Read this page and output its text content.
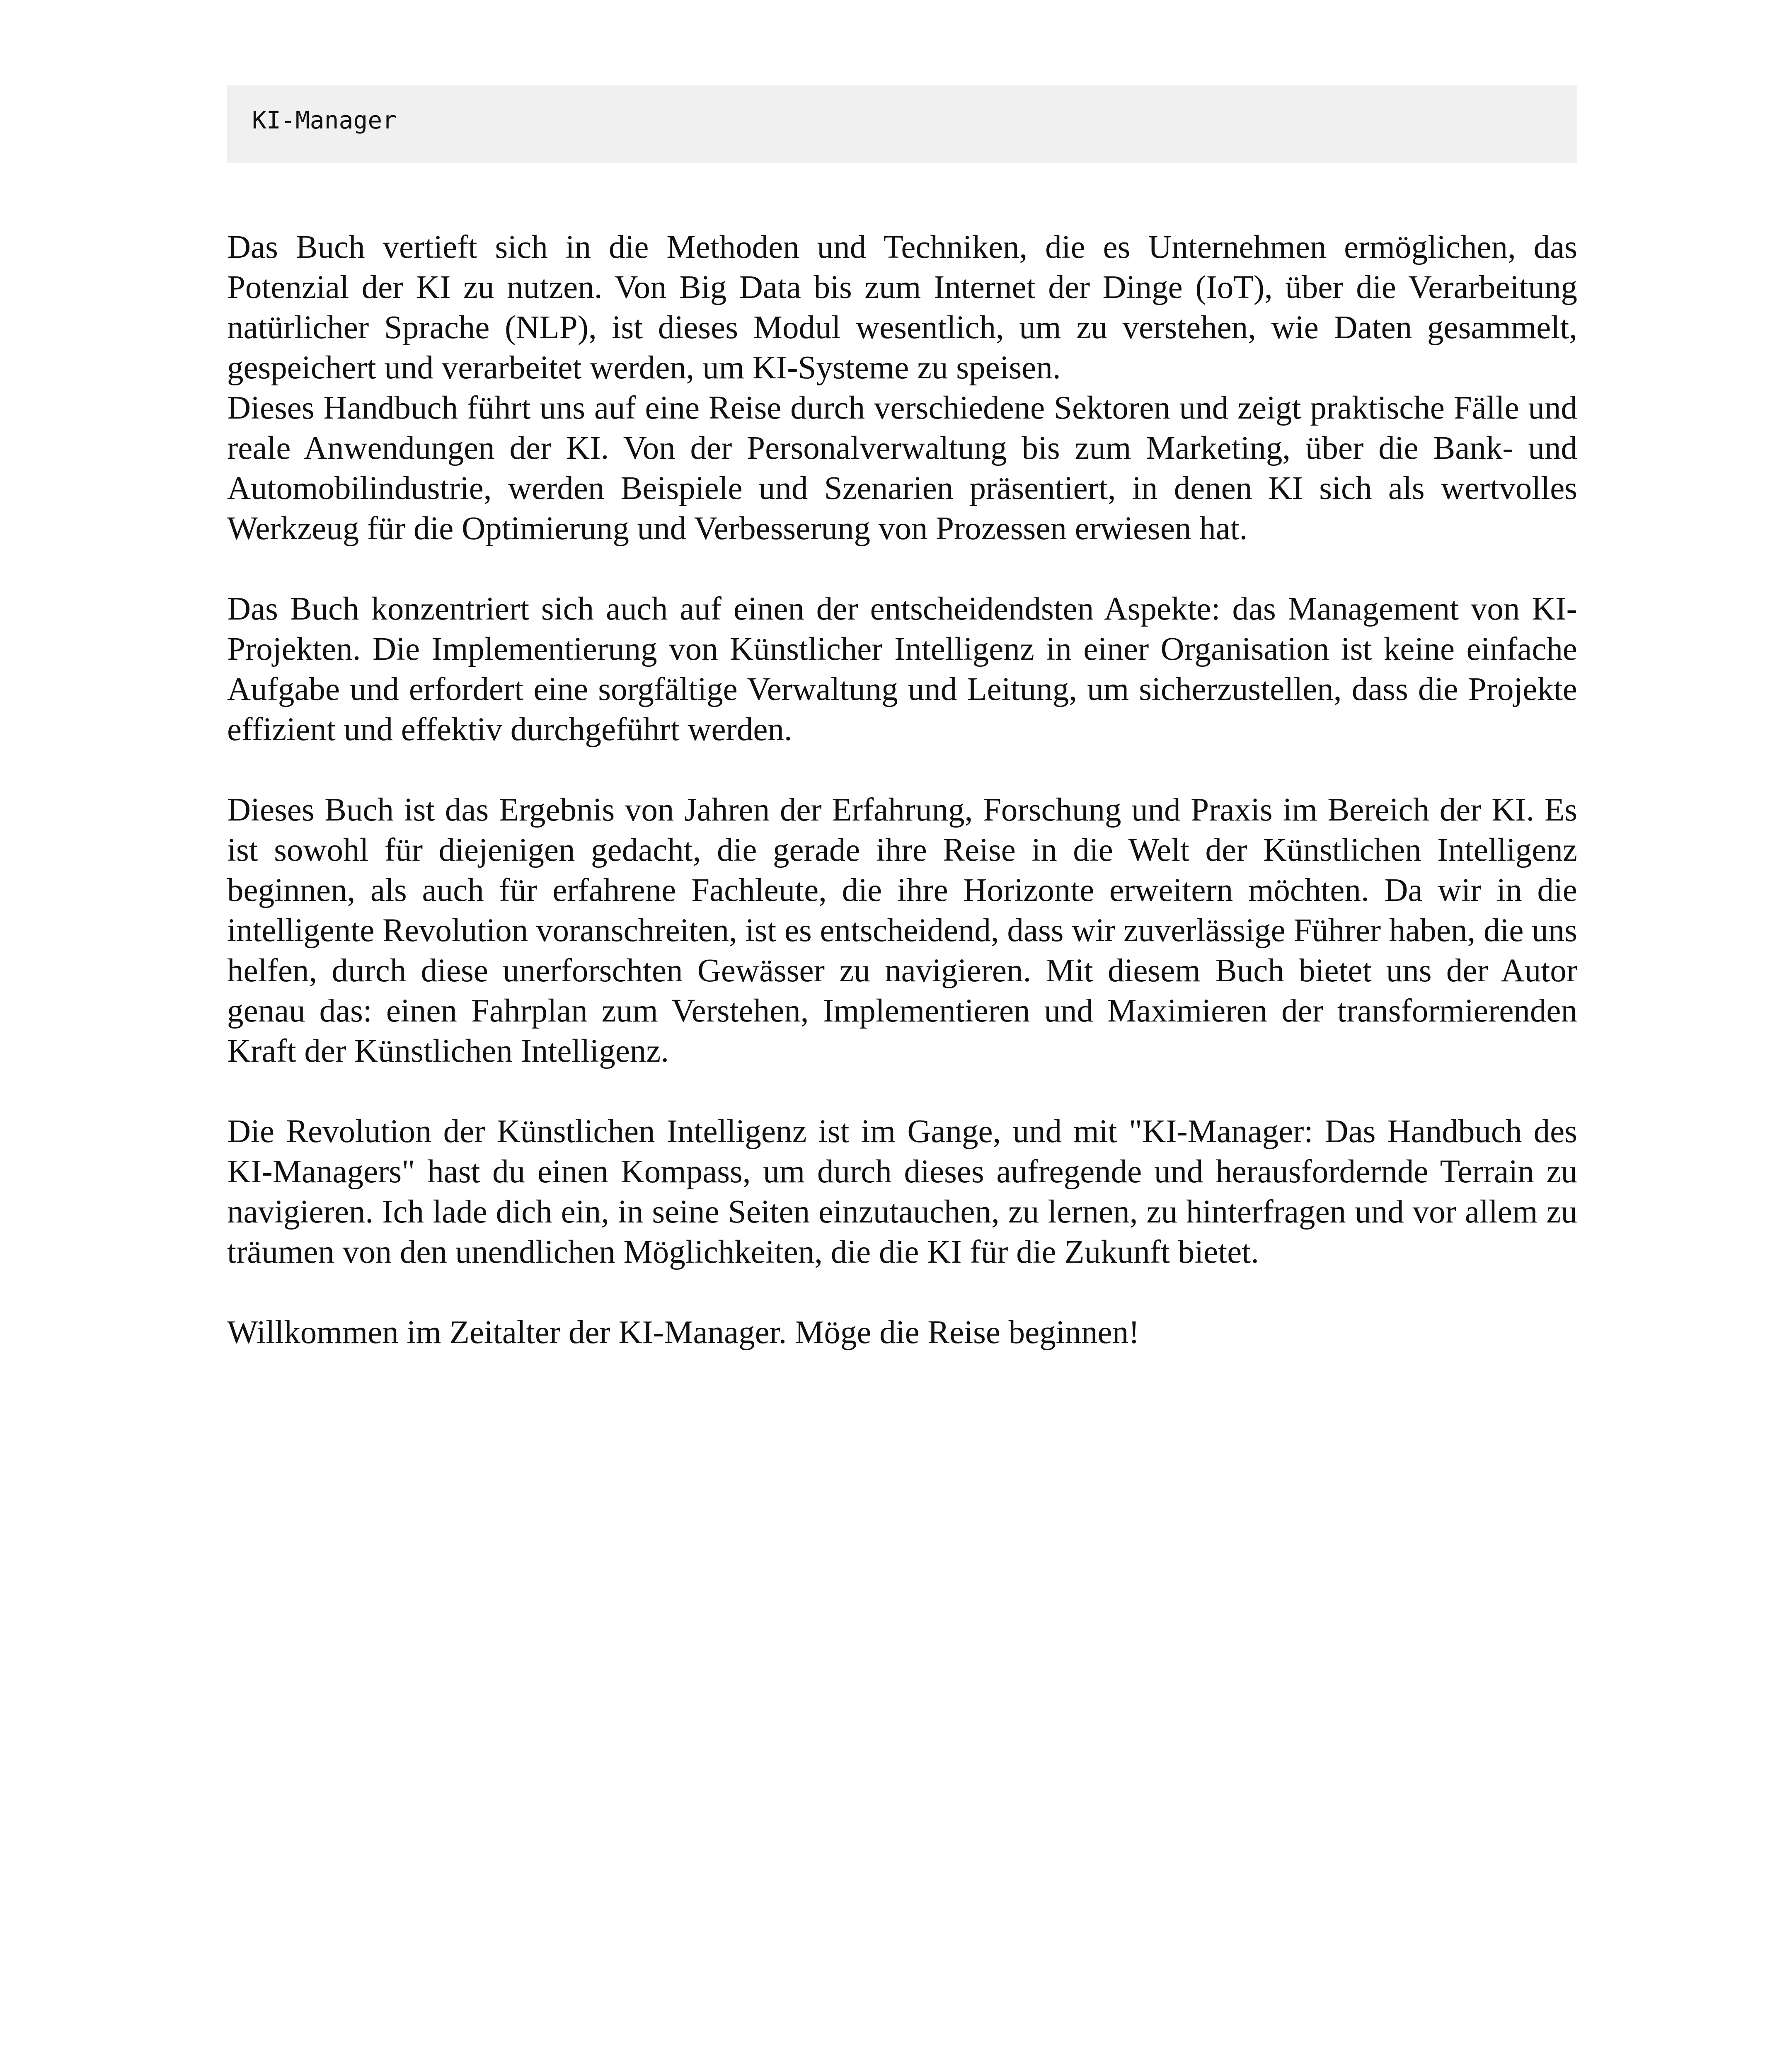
KI-Manager

Das Buch vertieft sich in die Methoden und Techniken, die es Unternehmen ermöglichen, das Potenzial der KI zu nutzen. Von Big Data bis zum Internet der Dinge (IoT), über die Verarbeitung natürlicher Sprache (NLP), ist dieses Modul wesentlich, um zu verstehen, wie Daten gesammelt, gespeichert und verarbeitet werden, um KI-Systeme zu speisen.

Dieses Handbuch führt uns auf eine Reise durch verschiedene Sektoren und zeigt praktische Fälle und reale Anwendungen der KI. Von der Personalverwaltung bis zum Marketing, über die Bank- und Automobilindustrie, werden Beispiele und Szenarien präsentiert, in denen KI sich als wertvolles Werkzeug für die Optimierung und Verbesserung von Prozessen erwiesen hat.

Das Buch konzentriert sich auch auf einen der entscheidendsten Aspekte: das Management von KI-Projekten. Die Implementierung von Künstlicher Intelligenz in einer Organisation ist keine einfache Aufgabe und erfordert eine sorgfältige Verwaltung und Leitung, um sicherzustellen, dass die Projekte effizient und effektiv durchgeführt werden.

Dieses Buch ist das Ergebnis von Jahren der Erfahrung, Forschung und Praxis im Bereich der KI. Es ist sowohl für diejenigen gedacht, die gerade ihre Reise in die Welt der Künstlichen Intelligenz beginnen, als auch für erfahrene Fachleute, die ihre Horizonte erweitern möchten. Da wir in die intelligente Revolution voranschreiten, ist es entscheidend, dass wir zuverlässige Führer haben, die uns helfen, durch diese unerforschten Gewässer zu navigieren. Mit diesem Buch bietet uns der Autor genau das: einen Fahrplan zum Verstehen, Implementieren und Maximieren der transformierenden Kraft der Künstlichen Intelligenz.

Die Revolution der Künstlichen Intelligenz ist im Gange, und mit "KI-Manager: Das Handbuch des KI-Managers" hast du einen Kompass, um durch dieses aufregende und herausfordernde Terrain zu navigieren. Ich lade dich ein, in seine Seiten einzutauchen, zu lernen, zu hinterfragen und vor allem zu träumen von den unendlichen Möglichkeiten, die die KI für die Zukunft bietet.

Willkommen im Zeitalter der KI-Manager. Möge die Reise beginnen!
